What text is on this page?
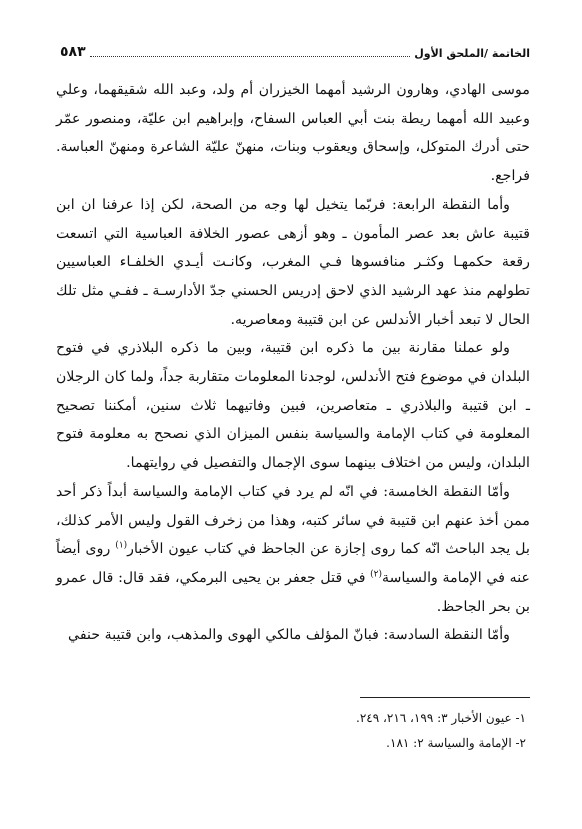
الخاتمة /الملحق الأول
٥٨٣

موسى الهادي، وهارون الرشيد أمهما الخيزران أم ولد، وعبد الله شقيقهما، وعلي وعبيد الله أمهما ريطة بنت أبي العباس السفاح، وإبراهيم ابن عليّة، ومنصور عمّر حتى أدرك المتوكل، وإسحاق ويعقوب وبنات، منهنّ عليّة الشاعرة ومنهنّ العباسة. فراجع.

وأما النقطة الرابعة: فربّما يتخيل لها وجه من الصحة، لكن إذا عرفنا ان ابن قتيبة عاش بعد عصر المأمون ـ وهو أزهى عصور الخلافة العباسية التي اتسعت رقعة حكمهـا وكثـر منافسوها فـي المغرب، وكانـت أيـدي الخلفـاء العباسيين تطولهم منذ عهد الرشيد الذي لاحق إدريس الحسني جدّ الأدارسـة ـ ففـي مثل تلك الحال لا تبعد أخبار الأندلس عن ابن قتيبة ومعاصريه.

ولو عملنا مقارنة بين ما ذكره ابن قتيبة، وبين ما ذكره البلاذري في فتوح البلدان في موضوع فتح الأندلس، لوجدنا المعلومات متقاربة جداً، ولما كان الرجلان ـ ابن قتيبة والبلاذري ـ متعاصرين، فبين وفاتيهما ثلاث سنين، أمكننا تصحيح المعلومة في كتاب الإمامة والسياسة بنفس الميزان الذي نصحح به معلومة فتوح البلدان، وليس من اختلاف بينهما سوى الإجمال والتفصيل في روايتهما.

وأمّا النقطة الخامسة: في انّه لم يرد في كتاب الإمامة والسياسة أبداً ذكر أحد ممن أخذ عنهم ابن قتيبة في سائر كتبه، وهذا من زخرف القول وليس الأمر كذلك، بل يجد الباحث انّه كما روى إجازة عن الجاحظ في كتاب عيون الأخبار$^{(١)}$ روى أيضاً عنه في الإمامة والسياسة$^{(٢)}$ في قتل جعفر بن يحيى البرمكي، فقد قال: قال عمرو بن بحر الجاحظ.

وأمّا النقطة السادسة: فبانّ المؤلف مالكي الهوى والمذهب، وابن قتيبة حنفي

١- عيون الأخبار ٣: ١٩٩، ٢١٦، ٢٤٩.
٢- الإمامة والسياسة ٢: ١٨١.
